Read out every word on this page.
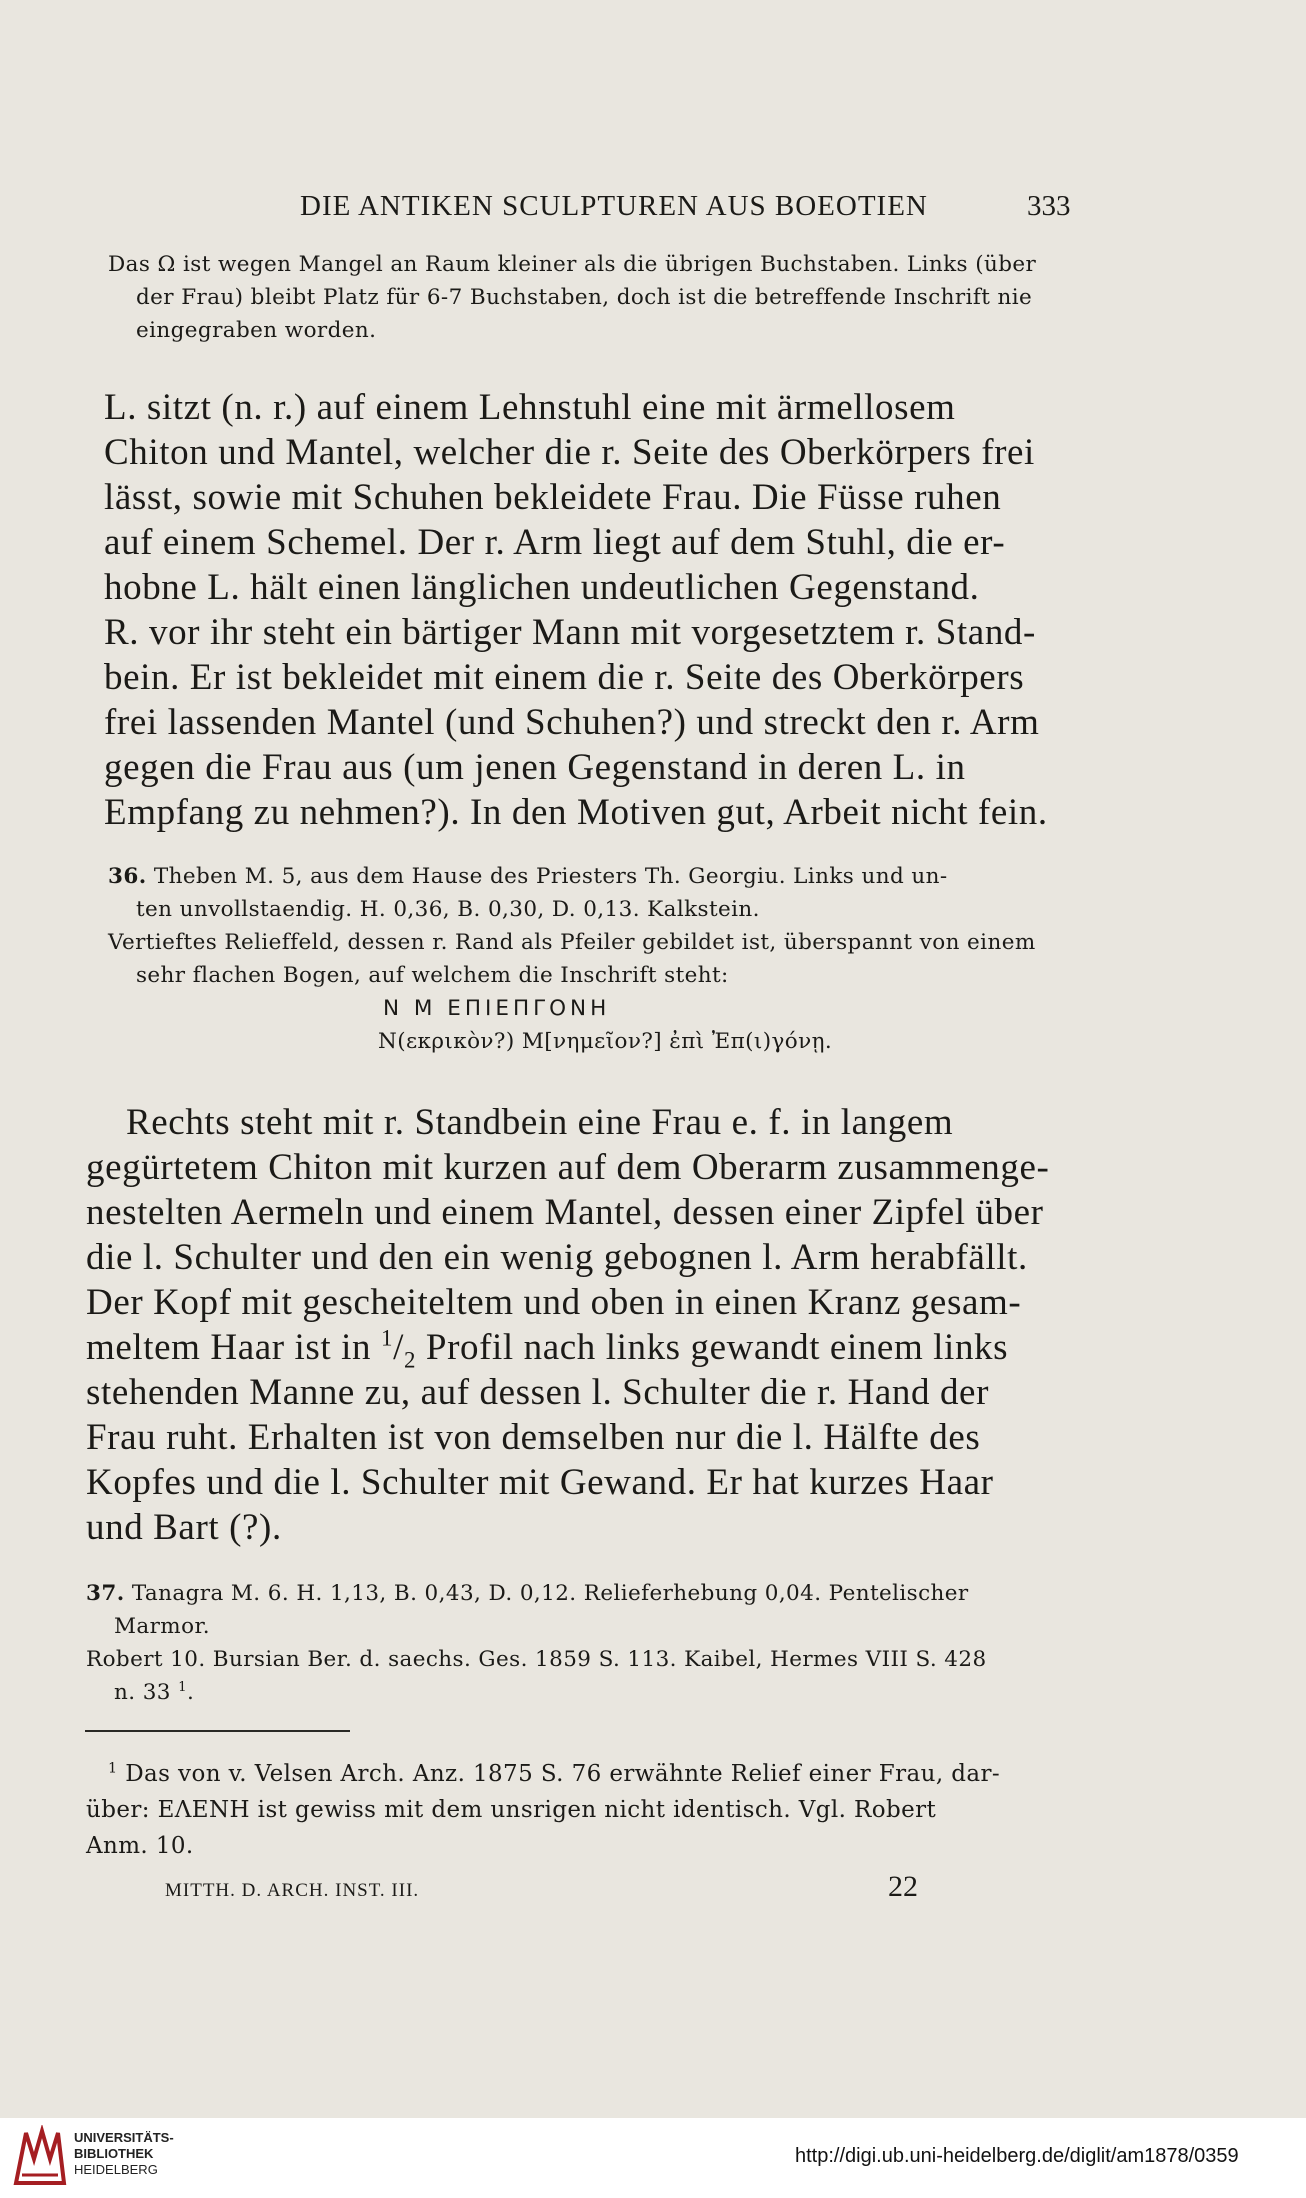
DIE ANTIKEN SCULPTUREN AUS BOEOTIEN	333
Das Ω ist wegen Mangel an Raum kleiner als die übrigen Buchstaben. Links (über
der Frau) bleibt Platz für 6-7 Buchstaben, doch ist die betreffende Inschrift nie
eingegraben worden.
L. sitzt (n. r.) auf einem Lehnstuhl eine mit ärmellosem
Chiton und Mantel, welcher die r. Seite des Oberkörpers frei
lässt, sowie mit Schuhen bekleidete Frau. Die Füsse ruhen
auf einem Schemel. Der r. Arm liegt auf dem Stuhl, die er-
hobne L. hält einen länglichen undeutlichen Gegenstand.
R. vor ihr steht ein bärtiger Mann mit vorgesetztem r. Stand-
bein. Er ist bekleidet mit einem die r. Seite des Oberkörpers
frei lassenden Mantel (und Schuhen?) und streckt den r. Arm
gegen die Frau aus (um jenen Gegenstand in deren L. in
Empfang zu nehmen?). In den Motiven gut, Arbeit nicht fein.
36. Theben M. 5, aus dem Hause des Priesters Th. Georgiu. Links und un-
ten unvollstaendig. H. 0,36, B. 0,30, D. 0,13. Kalkstein.
Vertieftes Relieffeld, dessen r. Rand als Pfeiler gebildet ist, überspannt von einem
sehr flachen Bogen, auf welchem die Inschrift steht:
N M ΕΠΙΕΠΓΟΝΗ
Ν(εκρικὸν?) Μ[νημεῖον?] ἐπὶ Ἐπ(ι)γόνῃ.
Rechts steht mit r. Standbein eine Frau e. f. in langem
gegürtetem Chiton mit kurzen auf dem Oberarm zusammenge-
nestelten Aermeln und einem Mantel, dessen einer Zipfel über
die l. Schulter und den ein wenig gebognen l. Arm herabfällt.
Der Kopf mit gescheiteltem und oben in einen Kranz gesam-
meltem Haar ist in $^1/_2$ Profil nach links gewandt einem links
stehenden Manne zu, auf dessen l. Schulter die r. Hand der
Frau ruht. Erhalten ist von demselben nur die l. Hälfte des
Kopfes und die l. Schulter mit Gewand. Er hat kurzes Haar
und Bart (?).
37. Tanagra M. 6. H. 1,13, B. 0,43, D. 0,12. Relieferhebung 0,04. Pentelischer
Marmor.
Robert 10. Bursian Ber. d. saechs. Ges. 1859 S. 113. Kaibel, Hermes VIII S. 428
n. 33 $^1$.
$^1$ Das von v. Velsen Arch. Anz. 1875 S. 76 erwähnte Relief einer Frau, dar-
über: ΕΛΕΝΗ ist gewiss mit dem unsrigen nicht identisch. Vgl. Robert
Anm. 10.
MITTH. D. ARCH. INST. III.	22
UNIVERSITÄTS-
BIBLIOTHEK
HEIDELBERG
http://digi.ub.uni-heidelberg.de/diglit/am1878/0359
